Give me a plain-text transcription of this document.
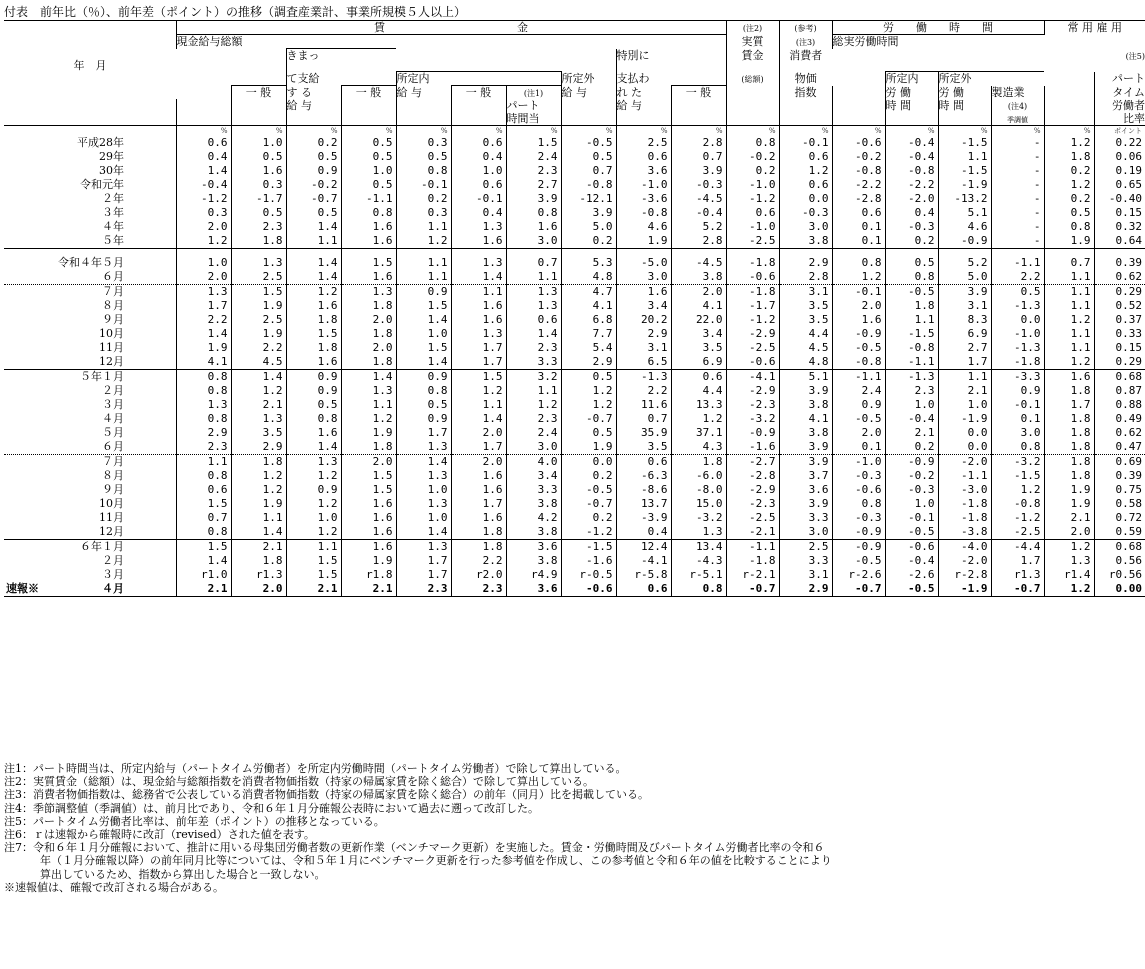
付表　前年比（％）、前年差（ポイント）の推移（調査産業計、事業所規模５人以上）
	賃　　　　　　　　　　　　金										(注2)	(参考)	労　　働　　時　　間				常 用 雇 用	
	現金給与総額										実質	(注3)	総実労働時間					
年　月			きまっ						特別に		賃金	消費者						(注5)
			て支給		所定内			所定外	支払わ		(総額)	物価		所定内	所定外			パート
		一 般	す る	一 般	給 与	一 般	(注1)	給 与	れ た	一 般		指数		労 働	労 働	製造業		タイム
			給 与				パート		給 与					時 間	時 間	(注4)		労働者
							時間当									季調値		比率
	%	%	%	%	%	%	%	%	%	%	%	%	%	%	%	%	%	ポイント
平成28年	0.6	1.0	0.2	0.5	0.3	0.6	1.5	-0.5	2.5	2.8	0.8	-0.1	-0.6	-0.4	-1.5	-	1.2	0.22
29年	0.4	0.5	0.5	0.5	0.5	0.4	2.4	0.5	0.6	0.7	-0.2	0.6	-0.2	-0.4	1.1	-	1.8	0.06
30年	1.4	1.6	0.9	1.0	0.8	1.0	2.3	0.7	3.6	3.9	0.2	1.2	-0.8	-0.8	-1.5	-	0.2	0.19
令和元年	-0.4	0.3	-0.2	0.5	-0.1	0.6	2.7	-0.8	-1.0	-0.3	-1.0	0.6	-2.2	-2.2	-1.9	-	1.2	0.65
２年	-1.2	-1.7	-0.7	-1.1	0.2	-0.1	3.9	-12.1	-3.6	-4.5	-1.2	0.0	-2.8	-2.0	-13.2	-	0.2	-0.40
３年	0.3	0.5	0.5	0.8	0.3	0.4	0.8	3.9	-0.8	-0.4	0.6	-0.3	0.6	0.4	5.1	-	0.5	0.15
４年	2.0	2.3	1.4	1.6	1.1	1.3	1.6	5.0	4.6	5.2	-1.0	3.0	0.1	-0.3	4.6	-	0.8	0.32
５年	1.2	1.8	1.1	1.6	1.2	1.6	3.0	0.2	1.9	2.8	-2.5	3.8	0.1	0.2	-0.9	-	1.9	0.64

令和４年５月	1.0	1.3	1.4	1.5	1.1	1.3	0.7	5.3	-5.0	-4.5	-1.8	2.9	0.8	0.5	5.2	-1.1	0.7	0.39
６月	2.0	2.5	1.4	1.6	1.1	1.4	1.1	4.8	3.0	3.8	-0.6	2.8	1.2	0.8	5.0	2.2	1.1	0.62
７月	1.3	1.5	1.2	1.3	0.9	1.1	1.3	4.7	1.6	2.0	-1.8	3.1	-0.1	-0.5	3.9	0.5	1.1	0.29
８月	1.7	1.9	1.6	1.8	1.5	1.6	1.3	4.1	3.4	4.1	-1.7	3.5	2.0	1.8	3.1	-1.3	1.1	0.52
９月	2.2	2.5	1.8	2.0	1.4	1.6	0.6	6.8	20.2	22.0	-1.2	3.5	1.6	1.1	8.3	0.0	1.2	0.37
10月	1.4	1.9	1.5	1.8	1.0	1.3	1.4	7.7	2.9	3.4	-2.9	4.4	-0.9	-1.5	6.9	-1.0	1.1	0.33
11月	1.9	2.2	1.8	2.0	1.5	1.7	2.3	5.4	3.1	3.5	-2.5	4.5	-0.5	-0.8	2.7	-1.3	1.1	0.15
12月	4.1	4.5	1.6	1.8	1.4	1.7	3.3	2.9	6.5	6.9	-0.6	4.8	-0.8	-1.1	1.7	-1.8	1.2	0.29
５年１月	0.8	1.4	0.9	1.4	0.9	1.5	3.2	0.5	-1.3	0.6	-4.1	5.1	-1.1	-1.3	1.1	-3.3	1.6	0.68
２月	0.8	1.2	0.9	1.3	0.8	1.2	1.1	1.2	2.2	4.4	-2.9	3.9	2.4	2.3	2.1	0.9	1.8	0.87
３月	1.3	2.1	0.5	1.1	0.5	1.1	1.2	1.2	11.6	13.3	-2.3	3.8	0.9	1.0	1.0	-0.1	1.7	0.88
４月	0.8	1.3	0.8	1.2	0.9	1.4	2.3	-0.7	0.7	1.2	-3.2	4.1	-0.5	-0.4	-1.9	0.1	1.8	0.49
５月	2.9	3.5	1.6	1.9	1.7	2.0	2.4	0.5	35.9	37.1	-0.9	3.8	2.0	2.1	0.0	3.0	1.8	0.62
６月	2.3	2.9	1.4	1.8	1.3	1.7	3.0	1.9	3.5	4.3	-1.6	3.9	0.1	0.2	0.0	0.8	1.8	0.47
７月	1.1	1.8	1.3	2.0	1.4	2.0	4.0	0.0	0.6	1.8	-2.7	3.9	-1.0	-0.9	-2.0	-3.2	1.8	0.69
８月	0.8	1.2	1.2	1.5	1.3	1.6	3.4	0.2	-6.3	-6.0	-2.8	3.7	-0.3	-0.2	-1.1	-1.5	1.8	0.39
９月	0.6	1.2	0.9	1.5	1.0	1.6	3.3	-0.5	-8.6	-8.0	-2.9	3.6	-0.6	-0.3	-3.0	1.2	1.9	0.75
10月	1.5	1.9	1.2	1.6	1.3	1.7	3.8	-0.7	13.7	15.0	-2.3	3.9	0.8	1.0	-1.8	-0.8	1.9	0.58
11月	0.7	1.1	1.0	1.6	1.0	1.6	4.2	0.2	-3.9	-3.2	-2.5	3.3	-0.3	-0.1	-1.8	-1.2	2.1	0.72
12月	0.8	1.4	1.2	1.6	1.4	1.8	3.8	-1.2	0.4	1.3	-2.1	3.0	-0.9	-0.5	-3.8	-2.5	2.0	0.59
６年１月	1.5	2.1	1.1	1.6	1.3	1.8	3.6	-1.5	12.4	13.4	-1.1	2.5	-0.9	-0.6	-4.0	-4.4	1.2	0.68
２月	1.4	1.8	1.5	1.9	1.7	2.2	3.8	-1.6	-4.1	-4.3	-1.8	3.3	-0.5	-0.4	-2.0	1.7	1.3	0.56
３月	r1.0	r1.3	1.5	r1.8	1.7	r2.0	r4.9	r-0.5	r-5.8	r-5.1	r-2.1	3.1	r-2.6	-2.6	r-2.8	r1.3	r1.4	r0.56
速報※ ４月	2.1	2.0	2.1	2.1	2.3	2.3	3.6	-0.6	0.6	0.8	-0.7	2.9	-0.7	-0.5	-1.9	-0.7	1.2	0.00
注1：パート時間当は、所定内給与（パートタイム労働者）を所定内労働時間（パートタイム労働者）で除して算出している。
注2：実質賃金（総額）は、現金給与総額指数を消費者物価指数（持家の帰属家賃を除く総合）で除して算出している。
注3：消費者物価指数は、総務省で公表している消費者物価指数（持家の帰属家賃を除く総合）の前年（同月）比を掲載している。
注4：季節調整値（季調値）は、前月比であり、令和６年１月分確報公表時において過去に遡って改訂した。
注5：パートタイム労働者比率は、前年差（ポイント）の推移となっている。
注6：ｒは速報から確報時に改訂（revised）された値を表す。
注7：令和６年１月分確報において、推計に用いる母集団労働者数の更新作業（ベンチマーク更新）を実施した。賃金・労働時間及びパートタイム労働者比率の令和６
年（１月分確報以降）の前年同月比等については、令和５年１月にベンチマーク更新を行った参考値を作成し、この参考値と令和６年の値を比較することにより
算出しているため、指数から算出した場合と一致しない。
※速報値は、確報で改訂される場合がある。
